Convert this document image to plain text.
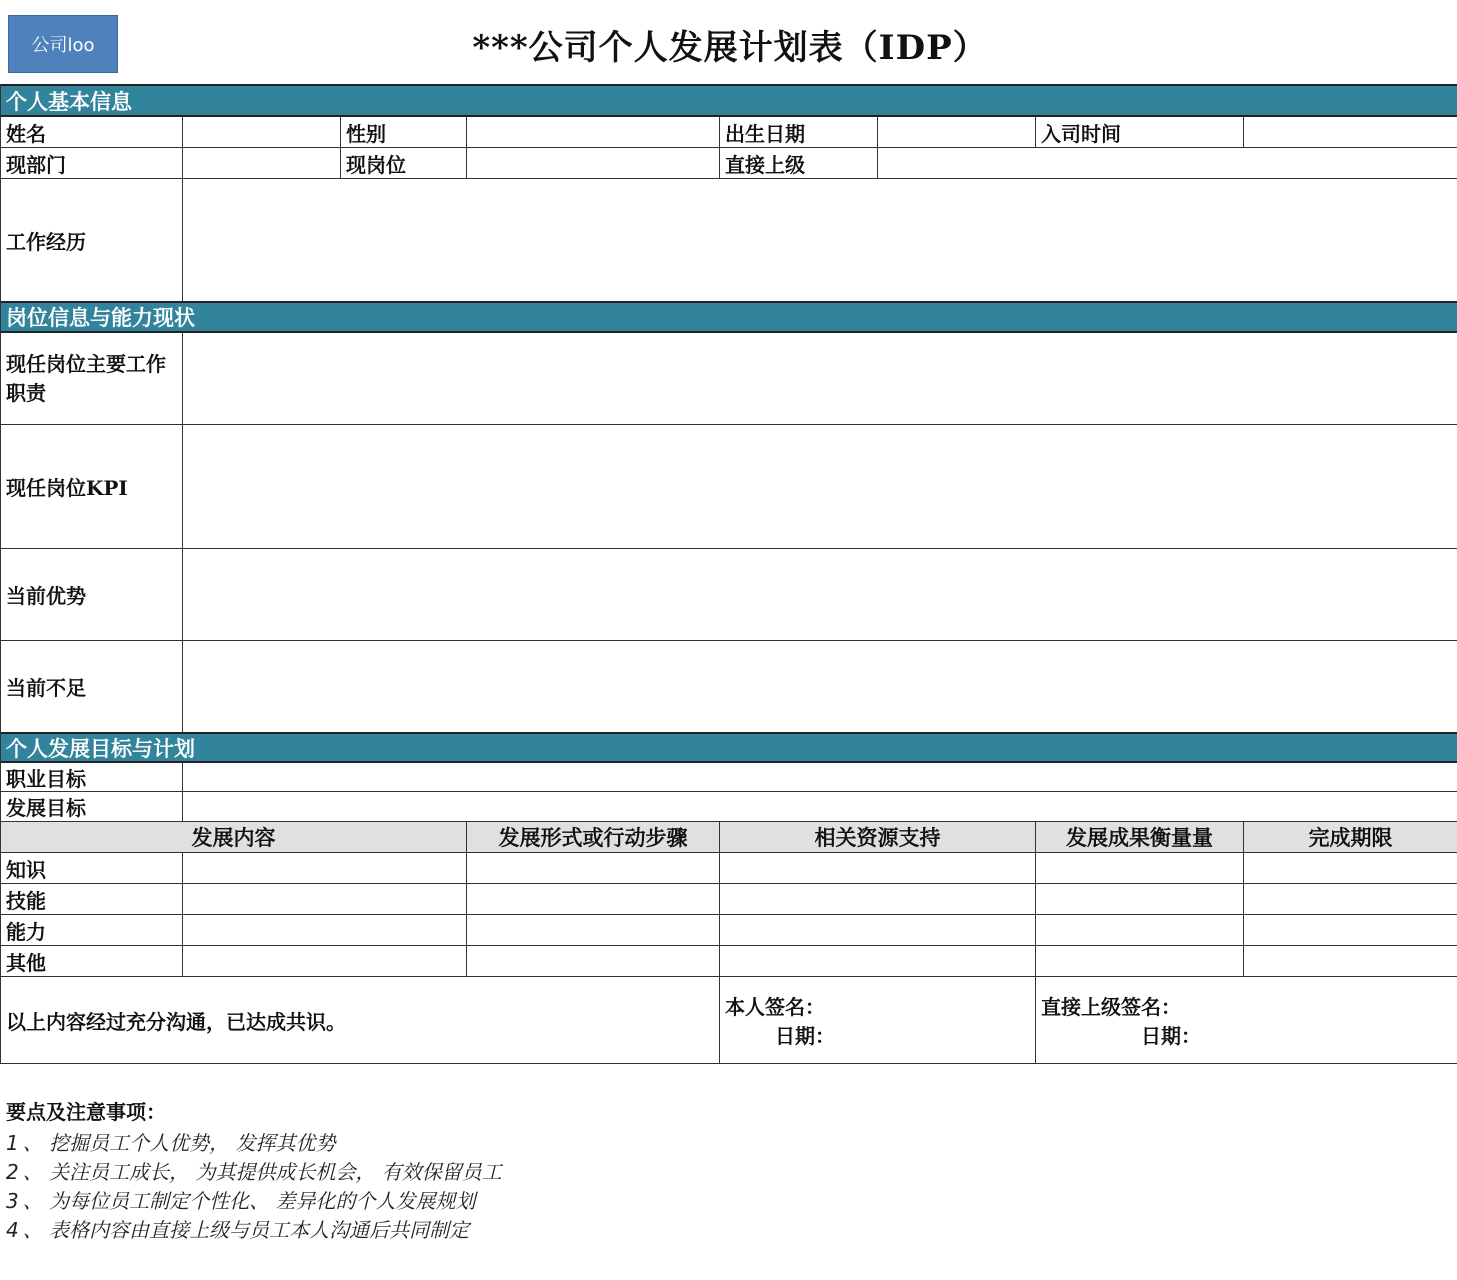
公司loo	***公司个人发展计划表（IDP）
个人基本信息
姓名	性别	出生日期	入司时间
现部门	现岗位	直接上级
工作经历
岗位信息与能力现状
现任岗位主要工作职责
现任岗位KPI
当前优势
当前不足
个人发展目标与计划
职业目标
发展目标
发展内容	发展形式或行动步骤	相关资源支持	发展成果衡量量	完成期限
知识
技能
能力
其他
以上内容经过充分沟通，已达成共识。
本人签名：
日期：
直接上级签名：
日期：
要点及注意事项：
1 、 挖掘员工个人优势， 发挥其优势
2 、 关注员工成长， 为其提供成长机会， 有效保留员工
3 、 为每位员工制定个性化、 差异化的个人发展规划
4 、 表格内容由直接上级与员工本人沟通后共同制定
